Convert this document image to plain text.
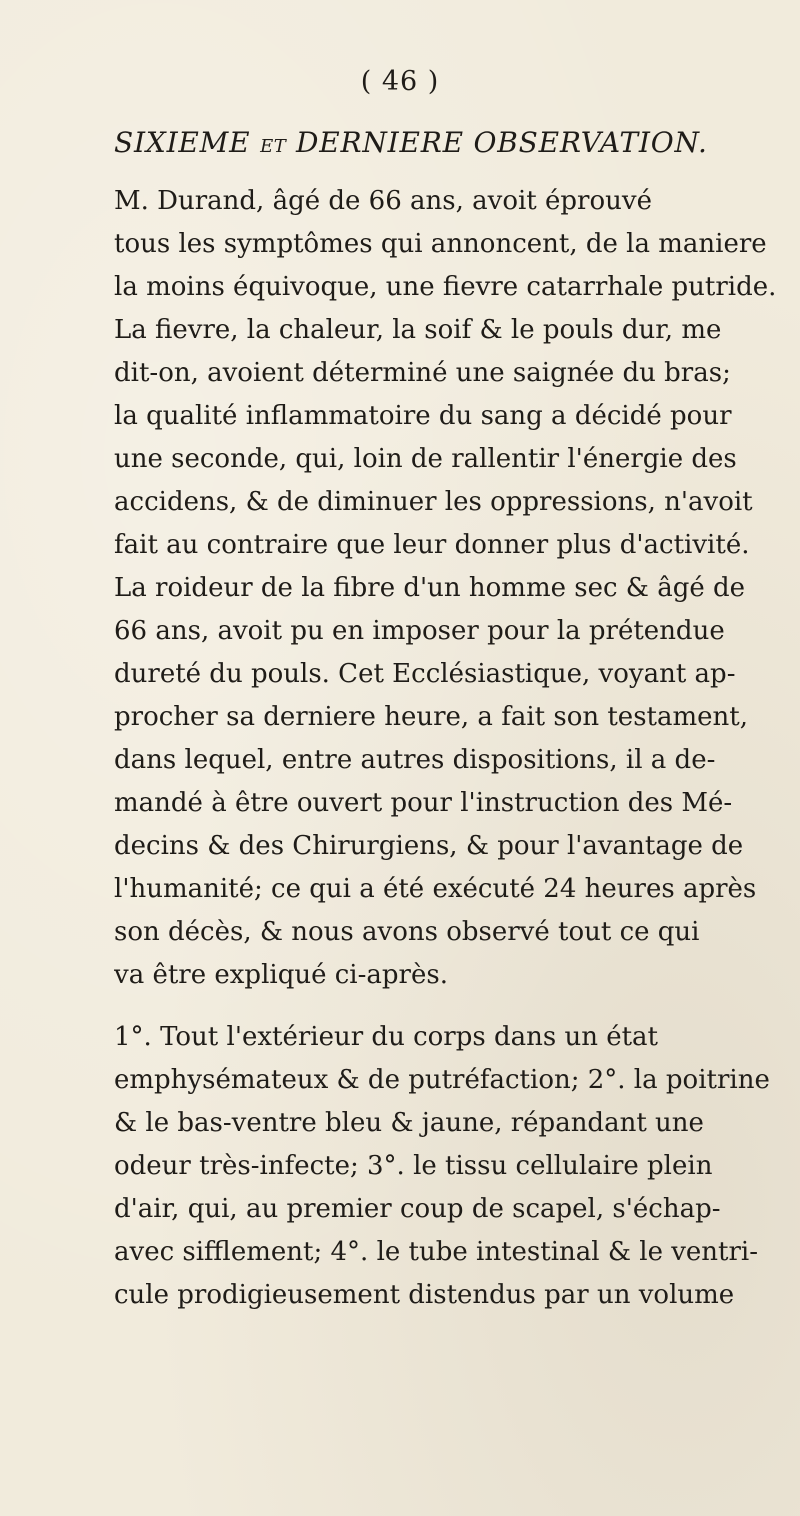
( 46 )
SIXIEME ET DERNIERE OBSERVATION.
M. Durand, âgé de 66 ans, avoit éprouvé
tous les symptômes qui annoncent, de la maniere
la moins équivoque, une fievre catarrhale putride.
La fievre, la chaleur, la soif & le pouls dur, me
dit-on, avoient déterminé une saignée du bras;
la qualité inflammatoire du sang a décidé pour
une seconde, qui, loin de rallentir l'énergie des
accidens, & de diminuer les oppressions, n'avoit
fait au contraire que leur donner plus d'activité.
La roideur de la fibre d'un homme sec & âgé de
66 ans, avoit pu en imposer pour la prétendue
dureté du pouls. Cet Ecclésiastique, voyant ap-
procher sa derniere heure, a fait son testament,
dans lequel, entre autres dispositions, il a de-
mandé à être ouvert pour l'instruction des Mé-
decins & des Chirurgiens, & pour l'avantage de
l'humanité; ce qui a été exécuté 24 heures après
son décès, & nous avons observé tout ce qui
va être expliqué ci-après.
1°. Tout l'extérieur du corps dans un état
emphysémateux & de putréfaction; 2°. la poitrine
& le bas-ventre bleu & jaune, répandant une
odeur très-infecte; 3°. le tissu cellulaire plein
d'air, qui, au premier coup de scapel, s'échap-
avec sifflement; 4°. le tube intestinal & le ventri-
cule prodigieusement distendus par un volume
